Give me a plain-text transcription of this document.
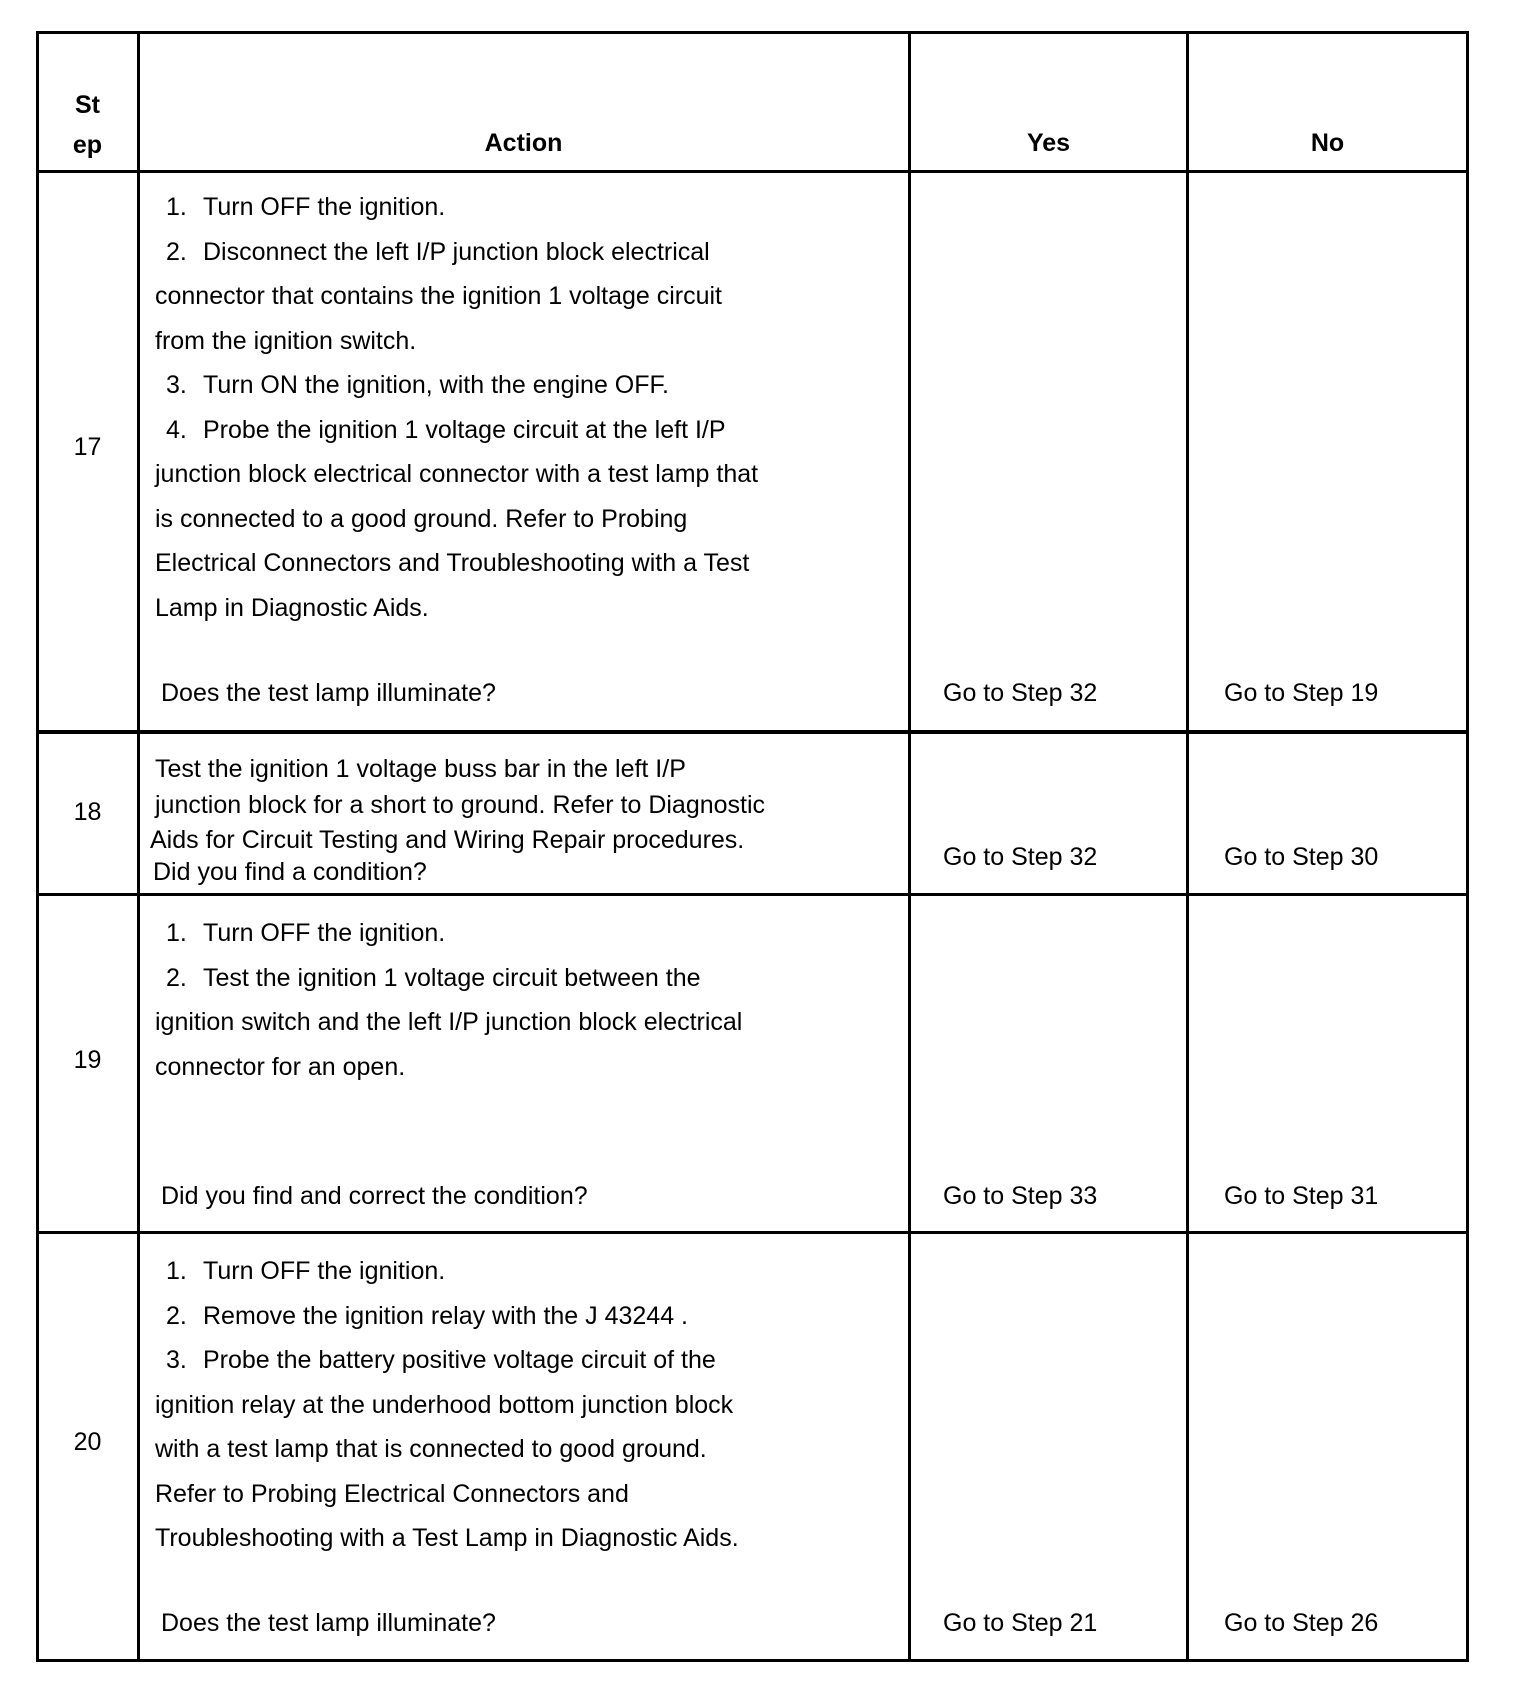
St
ep	Action	Yes	No
17
1. Turn OFF the ignition.
2. Disconnect the left I/P junction block electrical
connector that contains the ignition 1 voltage circuit
from the ignition switch.
3. Turn ON the ignition, with the engine OFF.
4. Probe the ignition 1 voltage circuit at the left I/P
junction block electrical connector with a test lamp that
is connected to a good ground. Refer to Probing
Electrical Connectors and Troubleshooting with a Test
Lamp in Diagnostic Aids.
Does the test lamp illuminate?	Go to Step 32	Go to Step 19
18
Test the ignition 1 voltage buss bar in the left I/P
junction block for a short to ground. Refer to Diagnostic
Aids for Circuit Testing and Wiring Repair procedures.
Did you find a condition?
Go to Step 32	Go to Step 30
19
1. Turn OFF the ignition.
2. Test the ignition 1 voltage circuit between the
ignition switch and the left I/P junction block electrical
connector for an open.
Did you find and correct the condition?	Go to Step 33	Go to Step 31
20
1. Turn OFF the ignition.
2. Remove the ignition relay with the J 43244 .
3. Probe the battery positive voltage circuit of the
ignition relay at the underhood bottom junction block
with a test lamp that is connected to good ground.
Refer to Probing Electrical Connectors and
Troubleshooting with a Test Lamp in Diagnostic Aids.
Does the test lamp illuminate?	Go to Step 21	Go to Step 26
